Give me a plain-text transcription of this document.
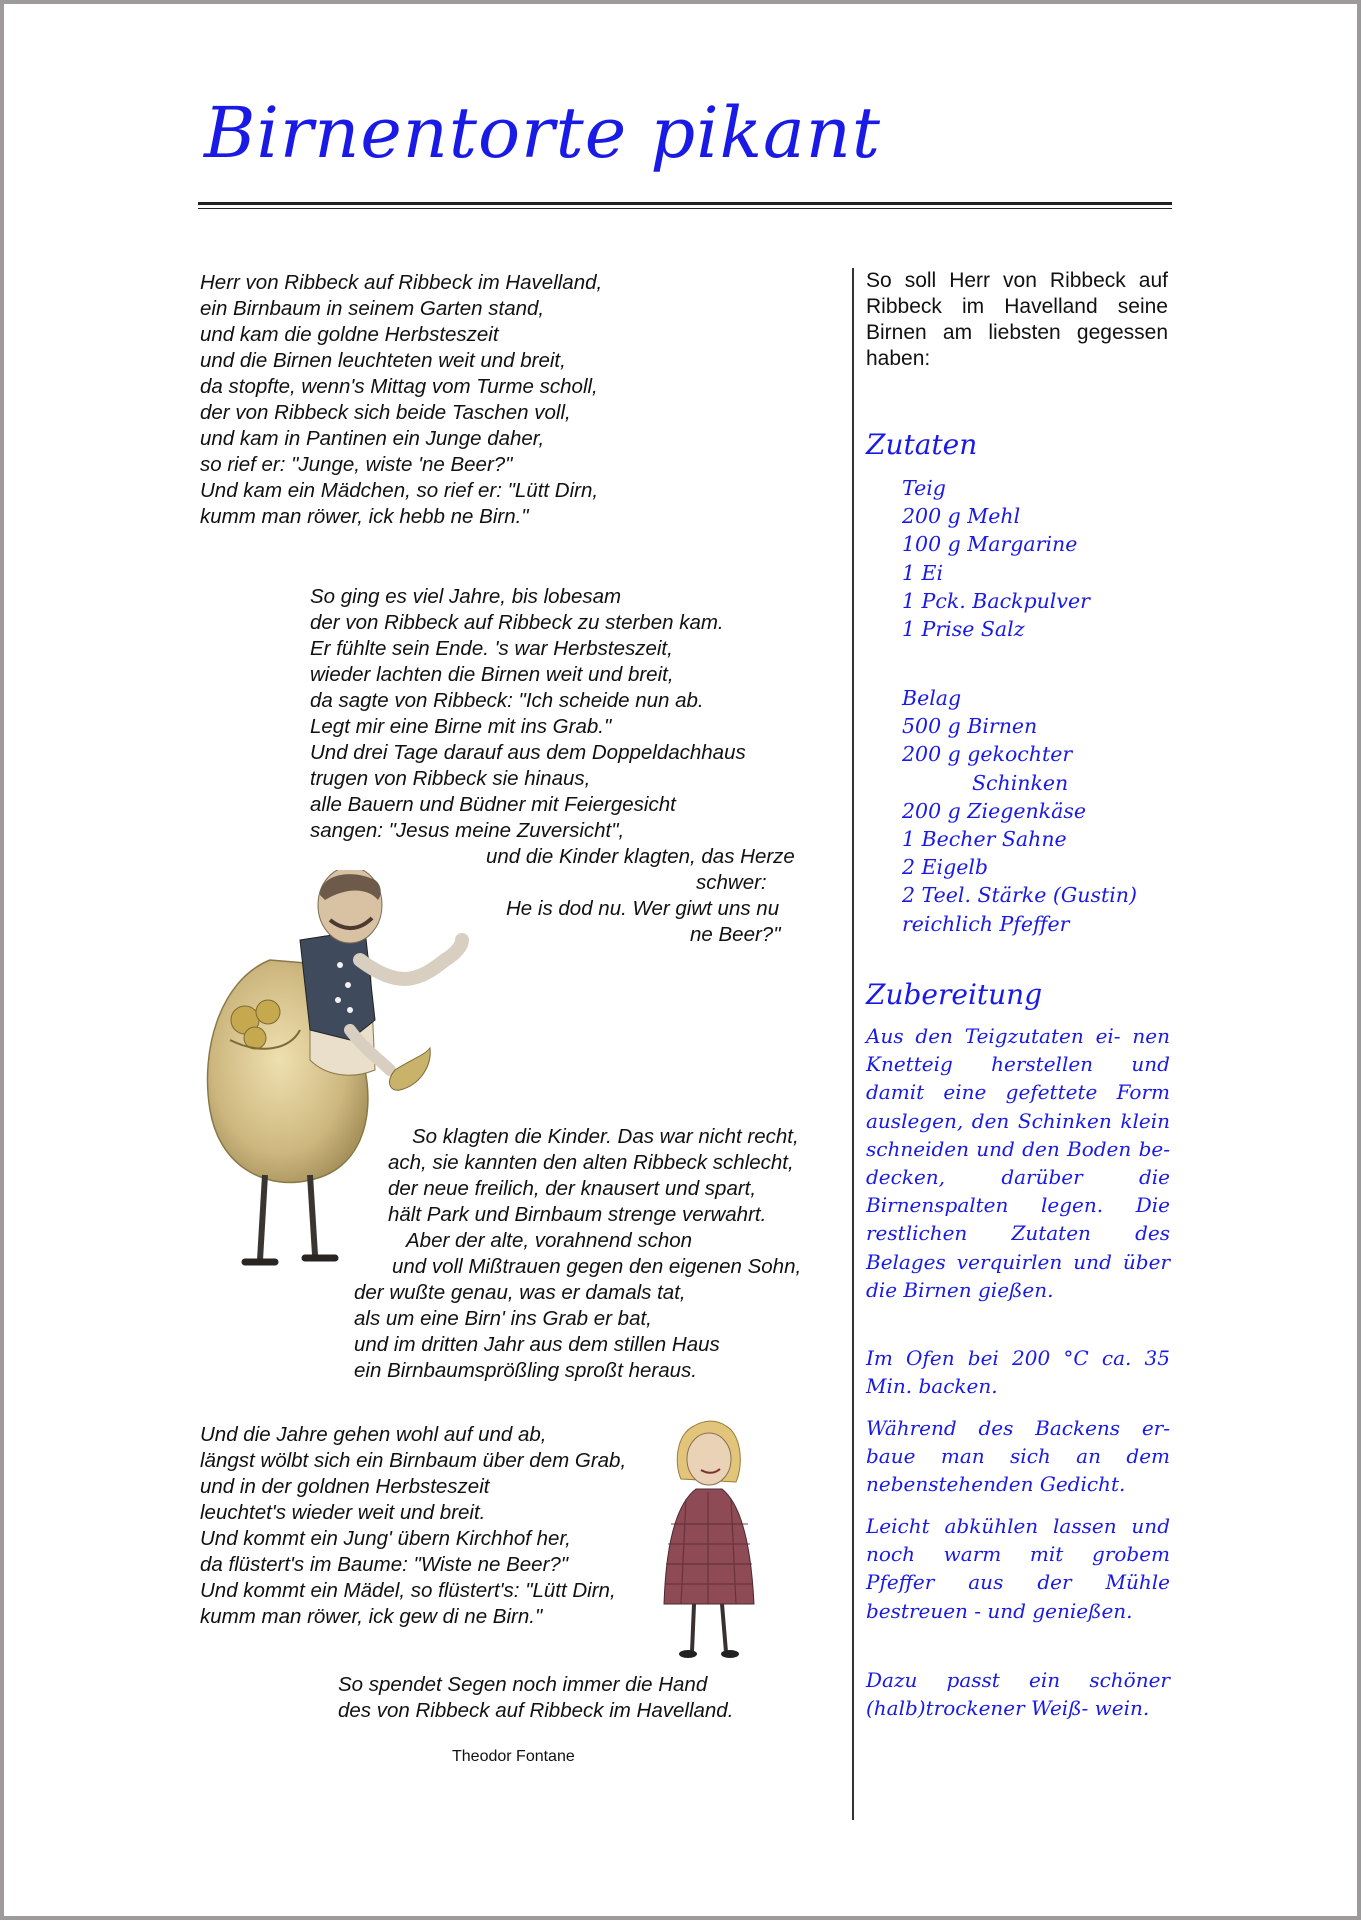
Birnentorte pikant
Herr von Ribbeck auf Ribbeck im Havelland,
ein Birnbaum in seinem Garten stand,
und kam die goldne Herbsteszeit
und die Birnen leuchteten weit und breit,
da stopfte, wenn's Mittag vom Turme scholl,
der von Ribbeck sich beide Taschen voll,
und kam in Pantinen ein Junge daher,
so rief er: "Junge, wiste 'ne Beer?"
Und kam ein Mädchen, so rief er: "Lütt Dirn,
kumm man röwer, ick hebb ne Birn."
So ging es viel Jahre, bis lobesam
der von Ribbeck auf Ribbeck zu sterben kam.
Er fühlte sein Ende. 's war Herbsteszeit,
wieder lachten die Birnen weit und breit,
da sagte von Ribbeck: "Ich scheide nun ab.
Legt mir eine Birne mit ins Grab."
Und drei Tage darauf aus dem Doppeldachhaus
trugen von Ribbeck sie hinaus,
alle Bauern und Büdner mit Feiergesicht
sangen: "Jesus meine Zuversicht",
und die Kinder klagten, das Herze
schwer:
He is dod nu. Wer giwt uns nu
ne Beer?"
So klagten die Kinder. Das war nicht recht,
ach, sie kannten den alten Ribbeck schlecht,
der neue freilich, der knausert und spart,
hält Park und Birnbaum strenge verwahrt.
Aber der alte, vorahnend schon
und voll Mißtrauen gegen den eigenen Sohn,
der wußte genau, was er damals tat,
als um eine Birn' ins Grab er bat,
und im dritten Jahr aus dem stillen Haus
ein Birnbaumsprößling sproßt heraus.
Und die Jahre gehen wohl auf und ab,
längst wölbt sich ein Birnbaum über dem Grab,
und in der goldnen Herbsteszeit
leuchtet's wieder weit und breit.
Und kommt ein Jung' übern Kirchhof her,
da flüstert's im Baume: "Wiste ne Beer?"
Und kommt ein Mädel, so flüstert's: "Lütt Dirn,
kumm man röwer, ick gew di ne Birn."
So spendet Segen noch immer die Hand
des von Ribbeck auf Ribbeck im Havelland.
Theodor Fontane
So soll Herr von Ribbeck auf Ribbeck im Havelland seine Birnen am liebsten gegessen haben:
Zutaten
Teig
200 g Mehl
100 g Margarine
1 Ei
1 Pck. Backpulver
1 Prise Salz
Belag
500 g Birnen
200 g gekochter
Schinken
200 g Ziegenkäse
1 Becher Sahne
2 Eigelb
2 Teel. Stärke (Gustin)
reichlich Pfeffer
Zubereitung
Aus den Teigzutaten ei- nen Knetteig herstellen und damit eine gefettete Form auslegen, den Schinken klein schneiden und den Boden be- decken, darüber die Birnenspalten legen. Die restlichen Zutaten des Belages verquirlen und über die Birnen gießen.
Im Ofen bei 200 °C ca. 35 Min. backen.
Während des Backens er- baue man sich an dem nebenstehenden Gedicht.
Leicht abkühlen lassen und noch warm mit grobem Pfeffer aus der Mühle bestreuen - und genießen.
Dazu passt ein schöner (halb)trockener Weiß- wein.
